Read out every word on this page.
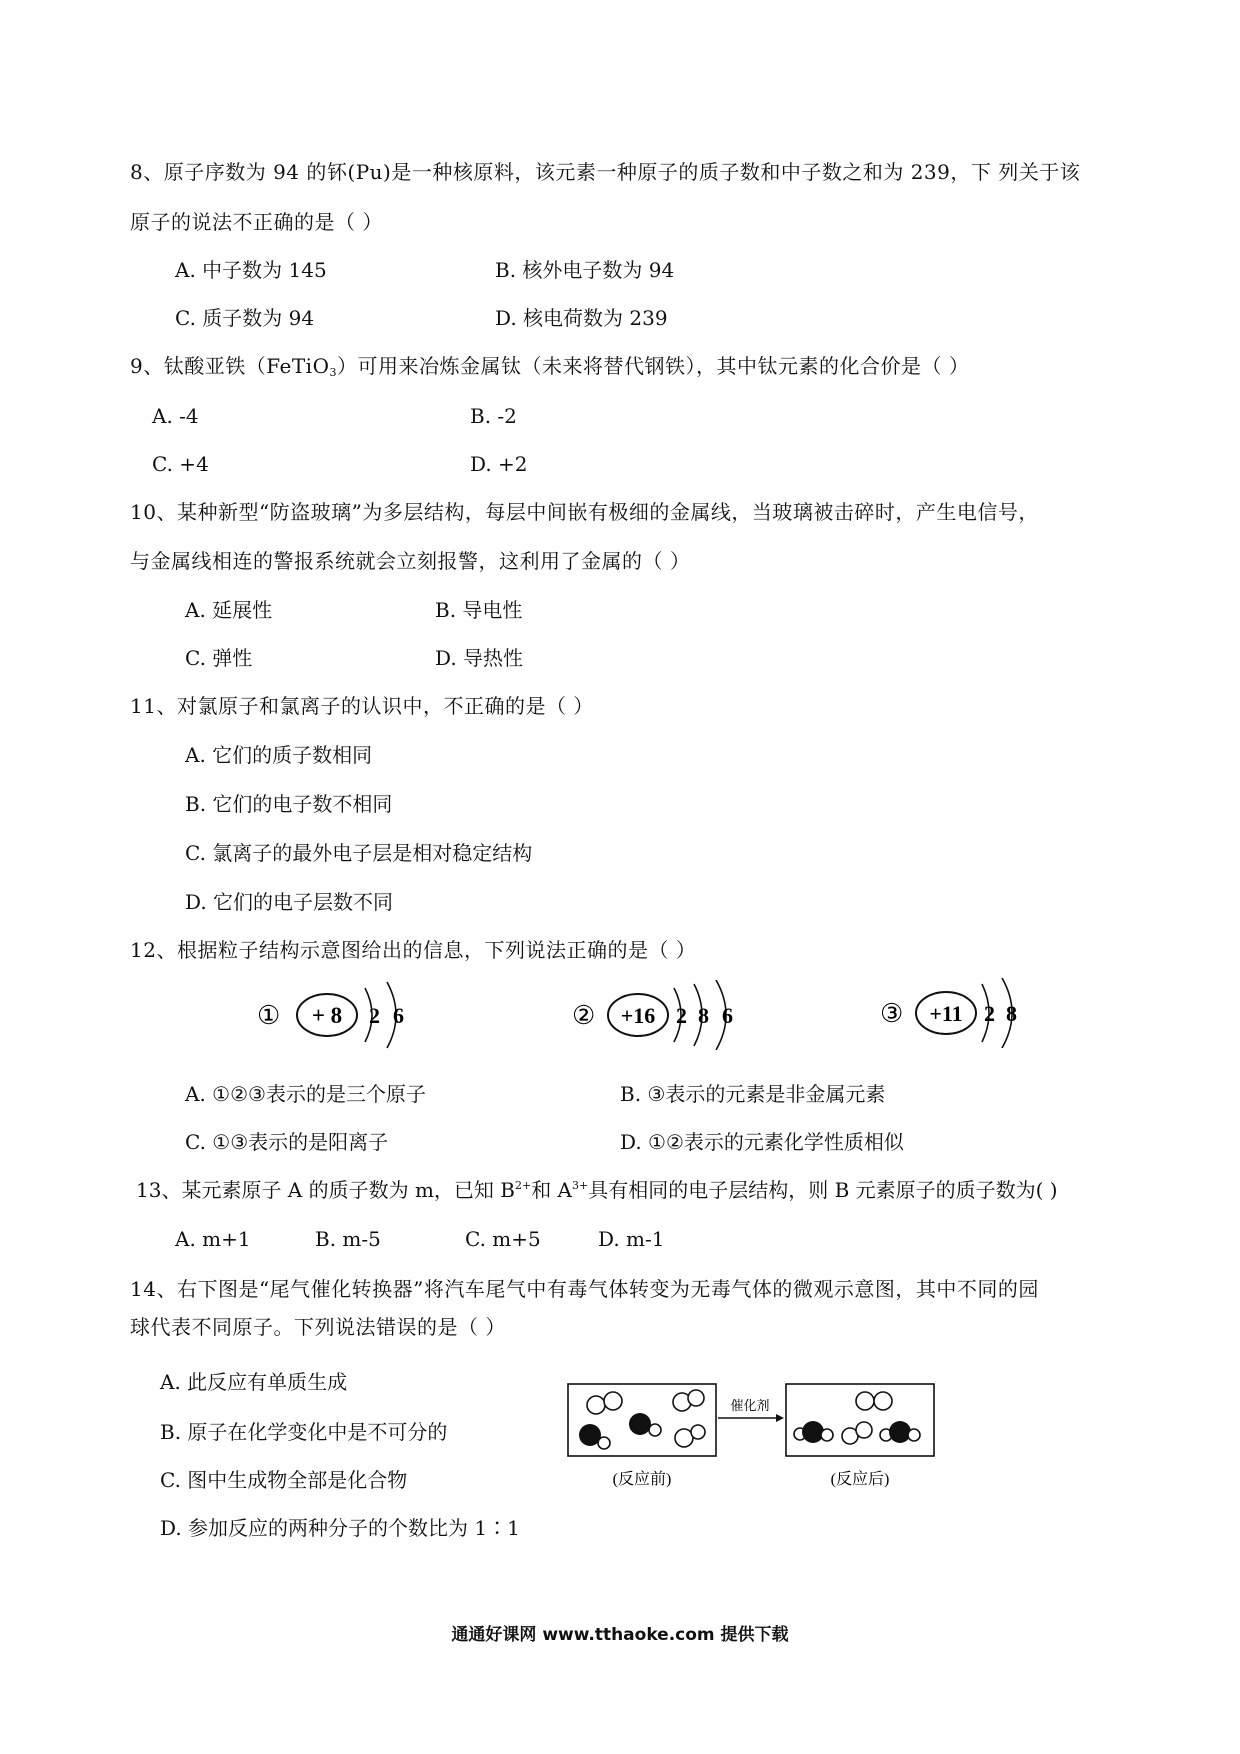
8、原子序数为 94 的钚(Pu)是一种核原料，该元素一种原子的质子数和中子数之和为 239，下 列关于该
原子的说法不正确的是（ ）
A. 中子数为 145	B. 核外电子数为 94
C. 质子数为 94	D. 核电荷数为 239
9、钛酸亚铁（FeTiO$_3$）可用来冶炼金属钛（未来将替代钢铁），其中钛元素的化合价是（ ）
A. -4	B. -2
C. +4	D. +2
10、某种新型“防盗玻璃”为多层结构，每层中间嵌有极细的金属线，当玻璃被击碎时，产生电信号，
与金属线相连的警报系统就会立刻报警，这利用了金属的（ ）
A. 延展性	B. 导电性
C. 弹性	D. 导热性
11、对氯原子和氯离子的认识中，不正确的是（ ）
A. 它们的质子数相同
B. 它们的电子数不相同
C. 氯离子的最外电子层是相对稳定结构
D. 它们的电子层数不同
12、根据粒子结构示意图给出的信息，下列说法正确的是（ ）
① + 8 2 6	② +16 2 8 6	③ +11 2 8
A. ①②③表示的是三个原子	B. ③表示的元素是非金属元素
C. ①③表示的是阳离子	D. ①②表示的元素化学性质相似
13、某元素原子 A 的质子数为 m，已知 $B^{2+}$和 $A^{3+}$具有相同的电子层结构，则 B 元素原子的质子数为( )
A. m+1	B. m-5	C. m+5	D. m-1
14、右下图是“尾气催化转换器”将汽车尾气中有毒气体转变为无毒气体的微观示意图，其中不同的园
球代表不同原子。下列说法错误的是（ ）
A. 此反应有单质生成
B. 原子在化学变化中是不可分的
C. 图中生成物全部是化合物
D. 参加反应的两种分子的个数比为 1∶1
催化剂
(反应前)	(反应后)
通通好课网 www.tthaoke.com 提供下载
